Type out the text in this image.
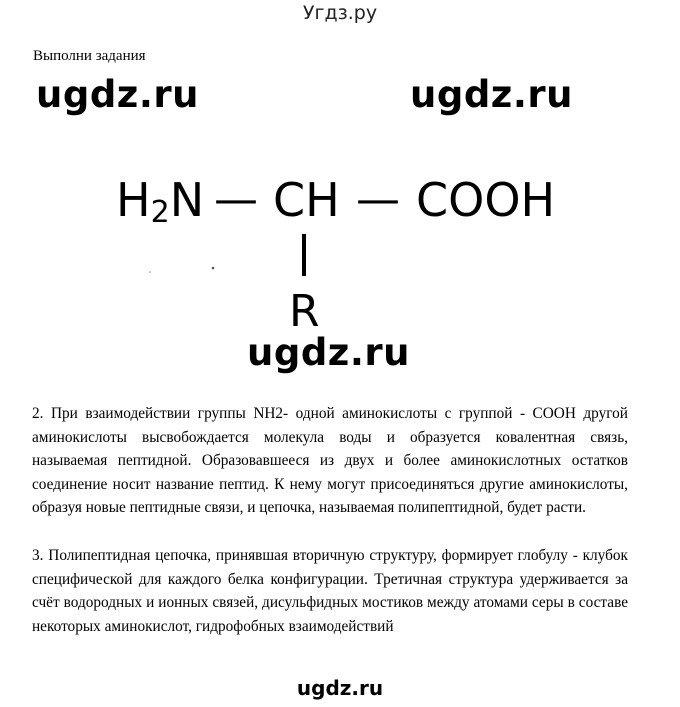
Угдз.ру
Выполни задания
ugdz.ru	ugdz.ru
H2N — CH — COOH
R
ugdz.ru

2. При взаимодействии группы NH2- одной аминокислоты с группой - СООН другой аминокислоты высвобождается молекула воды и образуется ковалентная связь, называемая пептидной. Образовавшееся из двух и более аминокислотных остатков соединение носит название пептид. К нему могут присоединяться другие аминокислоты, образуя новые пептидные связи, и цепочка, называемая полипептидной, будет расти.

3. Полипептидная цепочка, принявшая вторичную структуру, формирует глобулу - клубок специфической для каждого белка конфигурации. Третичная структура удерживается за счёт водородных и ионных связей, дисульфидных мостиков между атомами серы в составе некоторых аминокислот, гидрофобных взаимодействий

ugdz.ru
